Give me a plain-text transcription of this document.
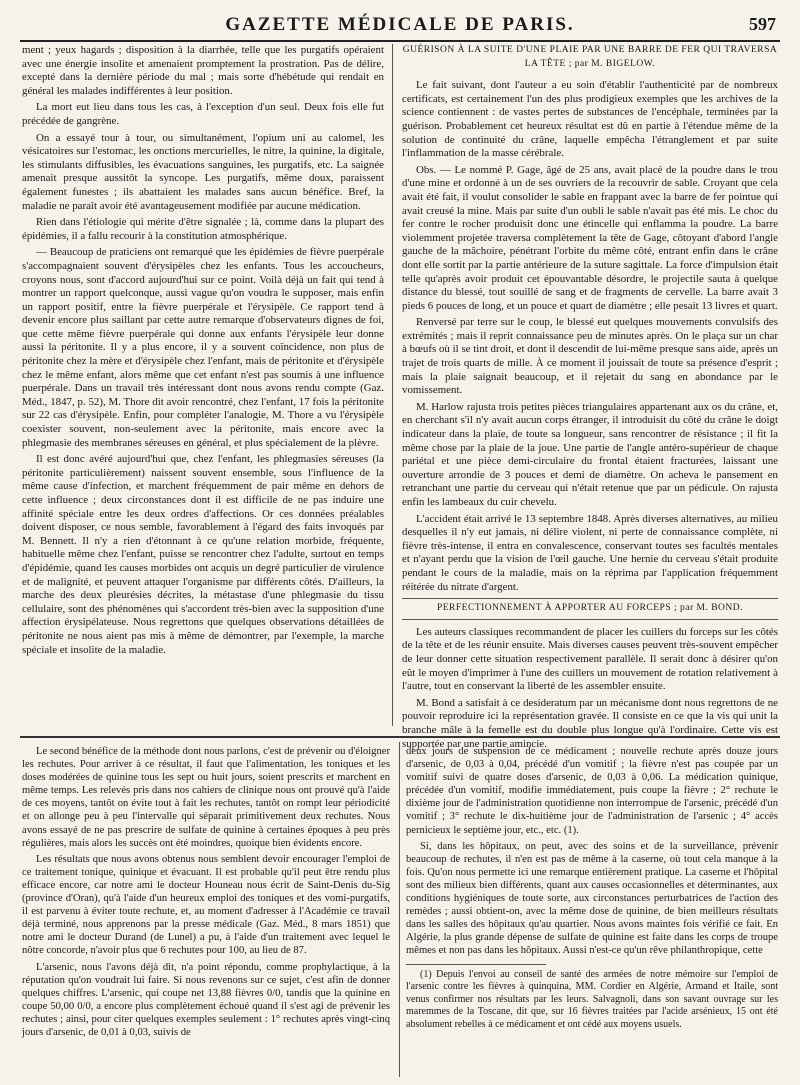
GAZETTE MÉDICALE DE PARIS.	597

ment ; yeux hagards ; disposition à la diarrhée, telle que les purgatifs opéraient avec une énergie insolite et amenaient promptement la prostration. Pas de délire, excepté dans la dernière période du mal ; mais sorte d'hébétude qui rendait en général les malades indifférentes à leur position.

La mort eut lieu dans tous les cas, à l'exception d'un seul. Deux fois elle fut précédée de gangrène.

On a essayé tour à tour, ou simultanément, l'opium uni au calomel, les vésicatoires sur l'estomac, les onctions mercurielles, le nitre, la quinine, la digitale, les stimulants diffusibles, les évacuations sanguines, les purgatifs, etc. La saignée amenait presque aussitôt la syncope. Les purgatifs, même doux, paraissent également funestes ; ils abattaient les malades sans aucun bénéfice. Bref, la maladie ne paraît avoir été avantageusement modifiée par aucune médication.

Rien dans l'étiologie qui mérite d'être signalée ; là, comme dans la plupart des épidémies, il a fallu recourir à la constitution atmosphérique.

— Beaucoup de praticiens ont remarqué que les épidémies de fièvre puerpérale s'accompagnaient souvent d'érysipèles chez les enfants. Tous les accoucheurs, croyons nous, sont d'accord aujourd'hui sur ce point. Voilà déjà un fait qui tend à montrer un rapport quelconque, aussi vague qu'on voudra le supposer, mais enfin un rapport positif, entre la fièvre puerpérale et l'érysipèle. Ce rapport tend à devenir encore plus saillant par cette autre remarque d'observateurs dignes de foi, que cette même fièvre puerpérale qui donne aux enfants l'érysipèle leur donne aussi la péritonite. Il y a plus encore, il y a souvent coïncidence, non plus de péritonite chez la mère et d'érysipèle chez l'enfant, mais de péritonite et d'érysipèle chez le même enfant, alors même que cet enfant n'est pas soumis à une influence puerpérale. Dans un travail très intéressant dont nous avons rendu compte (Gaz. Méd., 1847, p. 52), M. Thore dit avoir rencontré, chez l'enfant, 17 fois la péritonite sur 22 cas d'érysipèle. Enfin, pour compléter l'analogie, M. Thore a vu l'érysipèle coexister souvent, non-seulement avec la péritonite, mais encore avec la phlegmasie des membranes séreuses en général, et plus spécialement de la plèvre.

Il est donc avéré aujourd'hui que, chez l'enfant, les phlegmasies séreuses (la péritonite particulièrement) naissent souvent ensemble, sous l'influence de la même cause d'infection, et marchent fréquemment de pair même en dehors de cette influence ; deux circonstances dont il est difficile de ne pas induire une affinité spéciale entre les deux ordres d'affections. Or ces données préalables doivent disposer, ce nous semble, favorablement à l'égard des faits invoqués par M. Bennett. Il n'y a rien d'étonnant à ce qu'une relation morbide, fréquente, habituelle même chez l'enfant, puisse se rencontrer chez l'adulte, surtout en temps d'épidémie, quand les causes morbides ont acquis un degré particulier de virulence et de malignité, et peuvent attaquer l'organisme par différents côtés. D'ailleurs, la marche des deux pleurésies décrites, la métastase d'une phlegmasie du tissu cellulaire, sont des phénomènes qui s'accordent très-bien avec la supposition d'une affection érysipélateuse. Nous regrettons que quelques observations détaillées de péritonite ne nous aient pas mis à même de démontrer, par l'exemple, la marche spéciale et insolite de la maladie.

GUÉRISON À LA SUITE D'UNE PLAIE PAR UNE BARRE DE FER QUI TRAVERSA LA TÊTE ; par M. BIGELOW.

Le fait suivant, dont l'auteur a eu soin d'établir l'authenticité par de nombreux certificats, est certainement l'un des plus prodigieux exemples que les archives de la science contiennent : de vastes pertes de substances de l'encéphale, terminées par la guérison. Probablement cet heureux résultat est dû en partie à l'étendue même de la solution de continuité du crâne, laquelle empêcha l'étranglement et par suite l'inflammation de la masse cérébrale.

Obs. — Le nommé P. Gage, âgé de 25 ans, avait placé de la poudre dans le trou d'une mine et ordonné à un de ses ouvriers de la recouvrir de sable. Croyant que cela avait été fait, il voulut consolider le sable en frappant avec la barre de fer pointue qui avait creusé la mine. Mais par suite d'un oubli le sable n'avait pas été mis. Le choc du fer contre le rocher produisit donc une étincelle qui enflamma la poudre. La barre violemment projetée traversa complètement la tête de Gage, côtoyant d'abord l'angle gauche de la mâchoire, pénétrant l'orbite du même côté, entrant enfin dans le crâne dont elle sortit par la partie antérieure de la suture sagittale. La force d'impulsion était telle qu'après avoir produit cet épouvantable désordre, le projectile sauta à quelque distance du blessé, tout souillé de sang et de fragments de cervelle. La barre avait 3 pieds 6 pouces de long, et un pouce et quart de diamètre ; elle pesait 13 livres et quart.

Renversé par terre sur le coup, le blessé eut quelques mouvements convulsifs des extrémités ; mais il reprit connaissance peu de minutes après. On le plaça sur un char à bœufs où il se tint droit, et dont il descendit de lui-même presque sans aide, après un trajet de trois quarts de mille. À ce moment il jouissait de toute sa présence d'esprit ; mais la plaie saignait beaucoup, et il rejetait du sang en abondance par le vomissement.

M. Harlow rajusta trois petites pièces triangulaires appartenant aux os du crâne, et, en cherchant s'il n'y avait aucun corps étranger, il introduisit du côté du crâne le doigt indicateur dans la plaie, de toute sa longueur, sans rencontrer de résistance ; il fit la même chose par la plaie de la joue. Une partie de l'angle antéro-supérieur de chaque pariétal et une pièce demi-circulaire du frontal étaient fracturées, laissant une ouverture arrondie de 3 pouces et demi de diamètre. On acheva le pansement en retranchant une partie du cerveau qui n'était retenue que par un pédicule. On rajusta enfin les lambeaux du cuir chevelu.

L'accident était arrivé le 13 septembre 1848. Après diverses alternatives, au milieu desquelles il n'y eut jamais, ni délire violent, ni perte de connaissance complète, ni fièvre très-intense, il entra en convalescence, conservant toutes ses facultés mentales et n'ayant perdu que la vision de l'œil gauche. Une hernie du cerveau s'était produite pendant le cours de la maladie, mais on la réprima par l'application fréquemment réitérée du nitrate d'argent.

PERFECTIONNEMENT À APPORTER AU FORCEPS ; par M. BOND.

Les auteurs classiques recommandent de placer les cuillers du forceps sur les côtés de la tête et de les réunir ensuite. Mais diverses causes peuvent très-souvent empêcher de leur donner cette situation respectivement parallèle. Il serait donc à désirer qu'on eût le moyen d'imprimer à l'une des cuillers un mouvement de rotation relativement à l'autre, tout en conservant la liberté de les assembler ensuite.

M. Bond a satisfait à ce desideratum par un mécanisme dont nous regrettons de ne pouvoir reproduire ici la représentation gravée. Il consiste en ce que la vis qui unit la branche mâle à la femelle est du double plus longue qu'à l'ordinaire. Cette vis est supportée par une partie amincie.

Le second bénéfice de la méthode dont nous parlons, c'est de prévenir ou d'éloigner les rechutes. Pour arriver à ce résultat, il faut que l'alimentation, les toniques et les doses modérées de quinine tous les sept ou huit jours, soient prescrits et marchent en même temps. Les relevés pris dans nos cahiers de clinique nous ont prouvé qu'à l'aide de ces moyens, tantôt on évite tout à fait les rechutes, tantôt on rompt leur périodicité et on allonge peu à peu l'intervalle qui séparait primitivement deux rechutes. Nous avons essayé de ne pas prescrire de sulfate de quinine à certaines époques à peu près régulières, mais alors les succès ont été moindres, quoique bien évidents encore.

Les résultats que nous avons obtenus nous semblent devoir encourager l'emploi de ce traitement tonique, quinique et évacuant. Il est probable qu'il peut être rendu plus efficace encore, car notre ami le docteur Houneau nous écrit de Saint-Denis du-Sig (province d'Oran), qu'à l'aide d'un heureux emploi des toniques et des vomi-purgatifs, il est parvenu à éviter toute rechute, et, au moment d'adresser à l'Académie ce travail déjà terminé, nous apprenons par la presse médicale (Gaz. Méd., 8 mars 1851) que notre ami le docteur Durand (de Lunel) a pu, à l'aide d'un traitement avec lequel le nôtre concorde, n'avoir plus que 6 rechutes pour 100, au lieu de 87.

L'arsenic, nous l'avons déjà dit, n'a point répondu, comme prophylactique, à la réputation qu'on voudrait lui faire. Si nous revenons sur ce sujet, c'est afin de donner quelques chiffres. L'arsenic, qui coupe net 13,88 fièvres 0/0, tandis que la quinine en coupe 50,00 0/0, a encore plus complètement échoué quand il s'est agi de prévenir les rechutes ; ainsi, pour citer quelques exemples seulement : 1° rechutes après vingt-cinq jours d'arsenic, de 0,01 à 0,03, suivis de

deux jours de suspension de ce médicament ; nouvelle rechute après douze jours d'arsenic, de 0,03 à 0,04, précédé d'un vomitif ; la fièvre n'est pas coupée par un vomitif suivi de quatre doses d'arsenic, de 0,03 à 0,06. La médication quinique, précédée d'un vomitif, modifie immédiatement, puis coupe la fièvre ; 2° rechute le dixième jour de l'administration quotidienne non interrompue de l'arsenic, précédé d'un vomitif ; 3° rechute le dix-huitième jour de l'administration de l'arsenic ; 4° accès pernicieux le septième jour, etc., etc. (1).

Si, dans les hôpitaux, on peut, avec des soins et de la surveillance, prévenir beaucoup de rechutes, il n'en est pas de même à la caserne, où tout cela manque à la fois. Qu'on nous permette ici une remarque entièrement pratique. La caserne et l'hôpital sont des milieux bien différents, quant aux causes occasionnelles et déterminantes, aux conditions hygiéniques de toute sorte, aux circonstances perturbatrices de l'action des remèdes ; aussi obtient-on, avec la même dose de quinine, de bien meilleurs résultats dans les salles des hôpitaux qu'au quartier. Nous avons maintes fois vérifié ce fait. En Algérie, la plus grande dépense de sulfate de quinine est faite dans les corps de troupe mêmes et non pas dans les hôpitaux. Aussi n'est-ce qu'un rêve philanthropique, cette

(1) Depuis l'envoi au conseil de santé des armées de notre mémoire sur l'emploi de l'arsenic contre les fièvres à quinquina, MM. Cordier en Algérie, Armand et Itaile, sont venus confirmer nos résultats par les leurs. Salvagnoli, dans son savant ouvrage sur les maremmes de la Toscane, dit que, sur 16 fièvres traitées par l'acide arsénieux, 15 ont été absolument rebelles à ce médicament et ont cédé aux moyens usuels.
